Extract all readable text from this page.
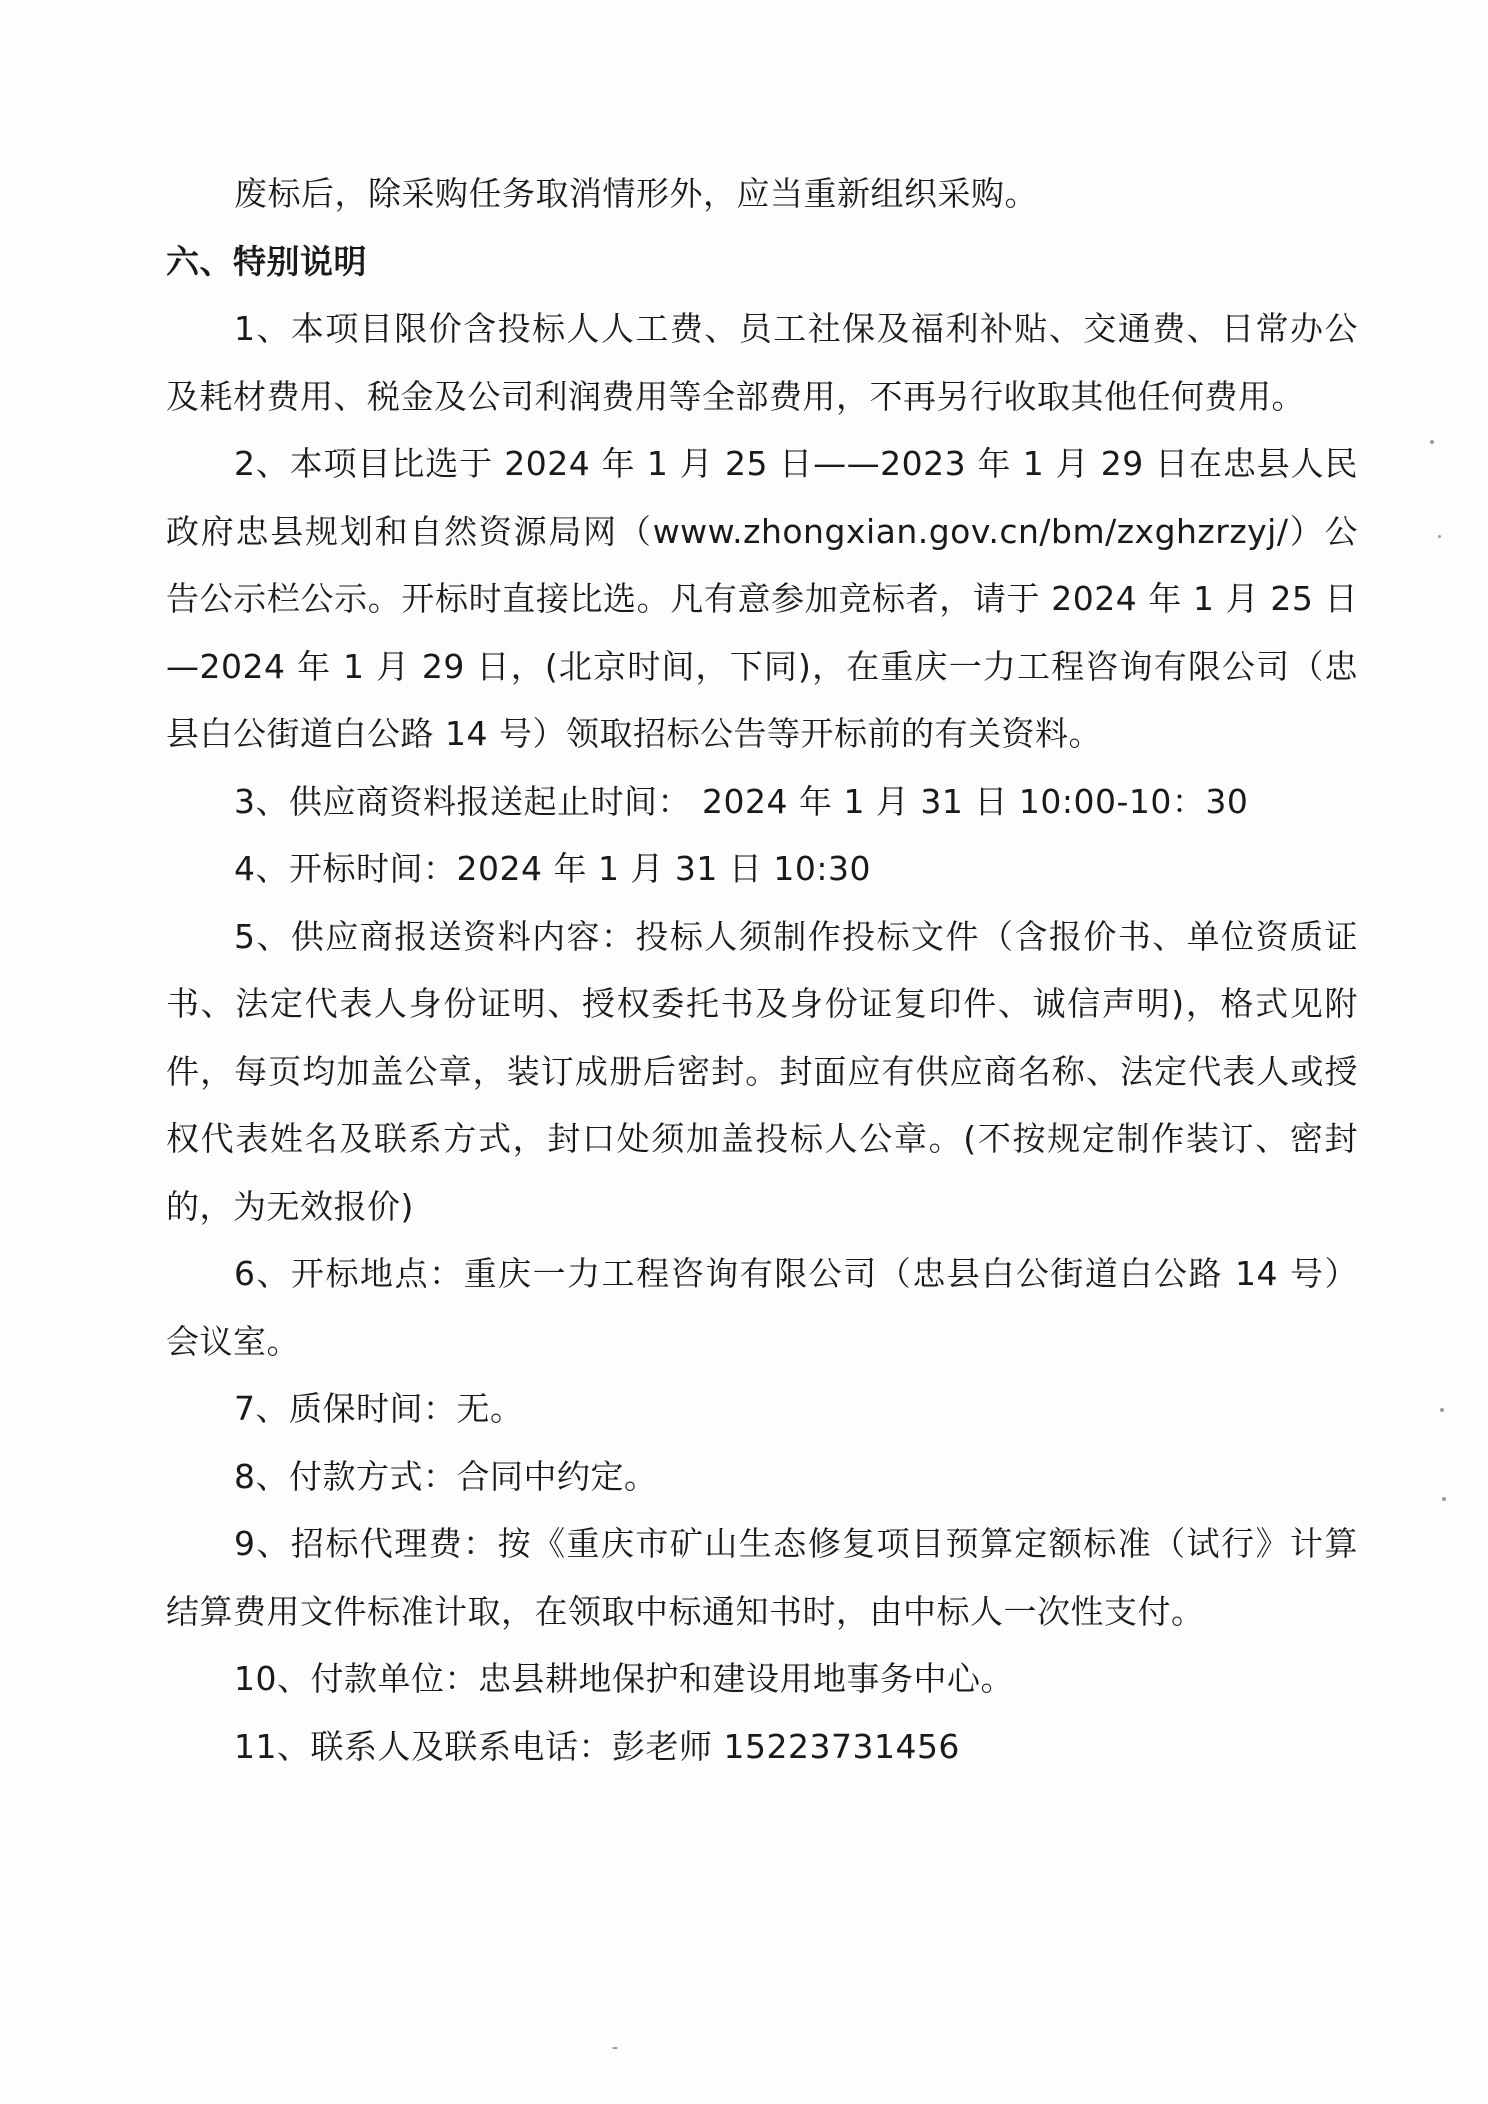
废标后，除采购任务取消情形外，应当重新组织采购。

六、特别说明

1、本项目限价含投标人人工费、员工社保及福利补贴、交通费、日常办公及耗材费用、税金及公司利润费用等全部费用，不再另行收取其他任何费用。

2、本项目比选于 2024 年 1 月 25 日——2023 年 1 月 29 日在忠县人民政府忠县规划和自然资源局网（www.zhongxian.gov.cn/bm/zxghzrzyj/）公告公示栏公示。开标时直接比选。凡有意参加竞标者，请于 2024 年 1 月 25 日—2024 年 1 月 29 日，(北京时间，下同)，在重庆一力工程咨询有限公司（忠县白公街道白公路 14 号）领取招标公告等开标前的有关资料。

3、供应商资料报送起止时间： 2024 年 1 月 31 日 10:00-10：30

4、开标时间：2024 年 1 月 31 日 10:30

5、供应商报送资料内容：投标人须制作投标文件（含报价书、单位资质证书、法定代表人身份证明、授权委托书及身份证复印件、诚信声明)，格式见附件，每页均加盖公章，装订成册后密封。封面应有供应商名称、法定代表人或授权代表姓名及联系方式，封口处须加盖投标人公章。(不按规定制作装订、密封的，为无效报价)

6、开标地点：重庆一力工程咨询有限公司（忠县白公街道白公路 14 号）会议室。

7、质保时间：无。

8、付款方式：合同中约定。

9、招标代理费：按《重庆市矿山生态修复项目预算定额标准（试行》计算结算费用文件标准计取，在领取中标通知书时，由中标人一次性支付。

10、付款单位：忠县耕地保护和建设用地事务中心。

11、联系人及联系电话：彭老师 15223731456
